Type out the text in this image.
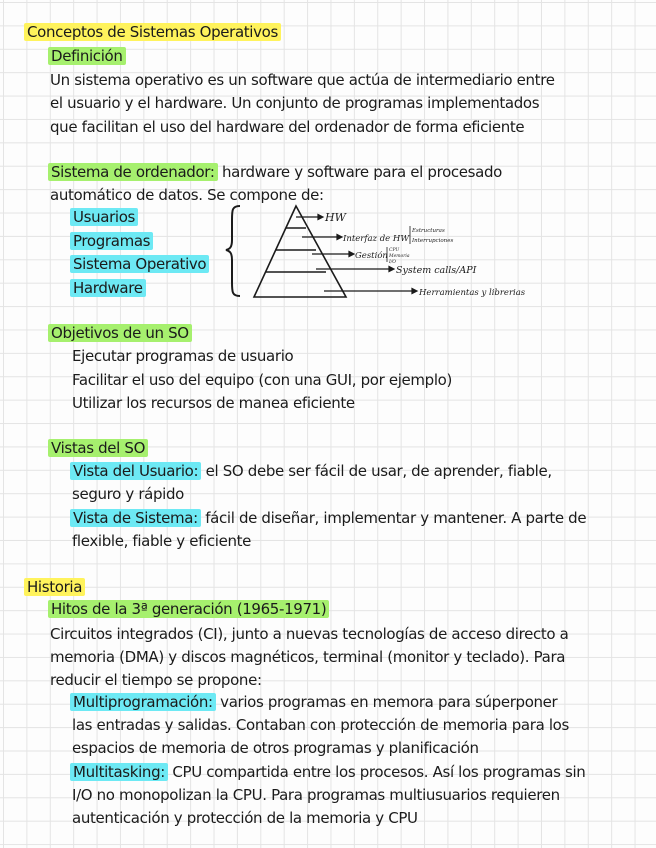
Conceptos de Sistemas Operativos
Definición
Un sistema operativo es un software que actúa de intermediario entre
el usuario y el hardware. Un conjunto de programas implementados
que facilitan el uso del hardware del ordenador de forma eficiente
Sistema de ordenador: hardware y software para el procesado
automático de datos. Se compone de:
Usuarios
Programas
Sistema Operativo
Hardware
HW
Interfaz de HW
Estructuras
Interrupciones
Gestión
CPU
Memoria
I/O
System calls/API
Herramientas y librerias
Objetivos de un SO
Ejecutar programas de usuario
Facilitar el uso del equipo (con una GUI, por ejemplo)
Utilizar los recursos de manea eficiente
Vistas del SO
Vista del Usuario: el SO debe ser fácil de usar, de aprender, fiable,
seguro y rápido
Vista de Sistema: fácil de diseñar, implementar y mantener. A parte de
flexible, fiable y eficiente
Historia
Hitos de la 3ª generación (1965-1971)
Circuitos integrados (CI), junto a nuevas tecnologías de acceso directo a
memoria (DMA) y discos magnéticos, terminal (monitor y teclado). Para
reducir el tiempo se propone:
Multiprogramación: varios programas en memora para súperponer
las entradas y salidas. Contaban con protección de memoria para los
espacios de memoria de otros programas y planificación
Multitasking: CPU compartida entre los procesos. Así los programas sin
I/O no monopolizan la CPU. Para programas multiusuarios requieren
autenticación y protección de la memoria y CPU
